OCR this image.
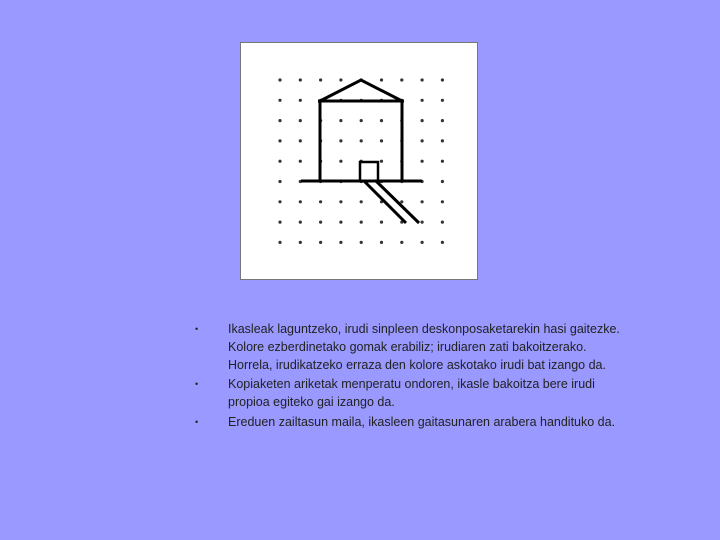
• Ikasleak laguntzeko, irudi sinpleen deskonposaketarekin hasi gaitezke. Kolore ezberdinetako gomak erabiliz; irudiaren zati bakoitzerako. Horrela, irudikatzeko erraza den kolore askotako irudi bat izango da.
• Kopiaketen ariketak menperatu ondoren, ikasle bakoitza bere irudi propioa egiteko gai izango da.
• Ereduen zailtasun maila, ikasleen gaitasunaren arabera handituko da.
